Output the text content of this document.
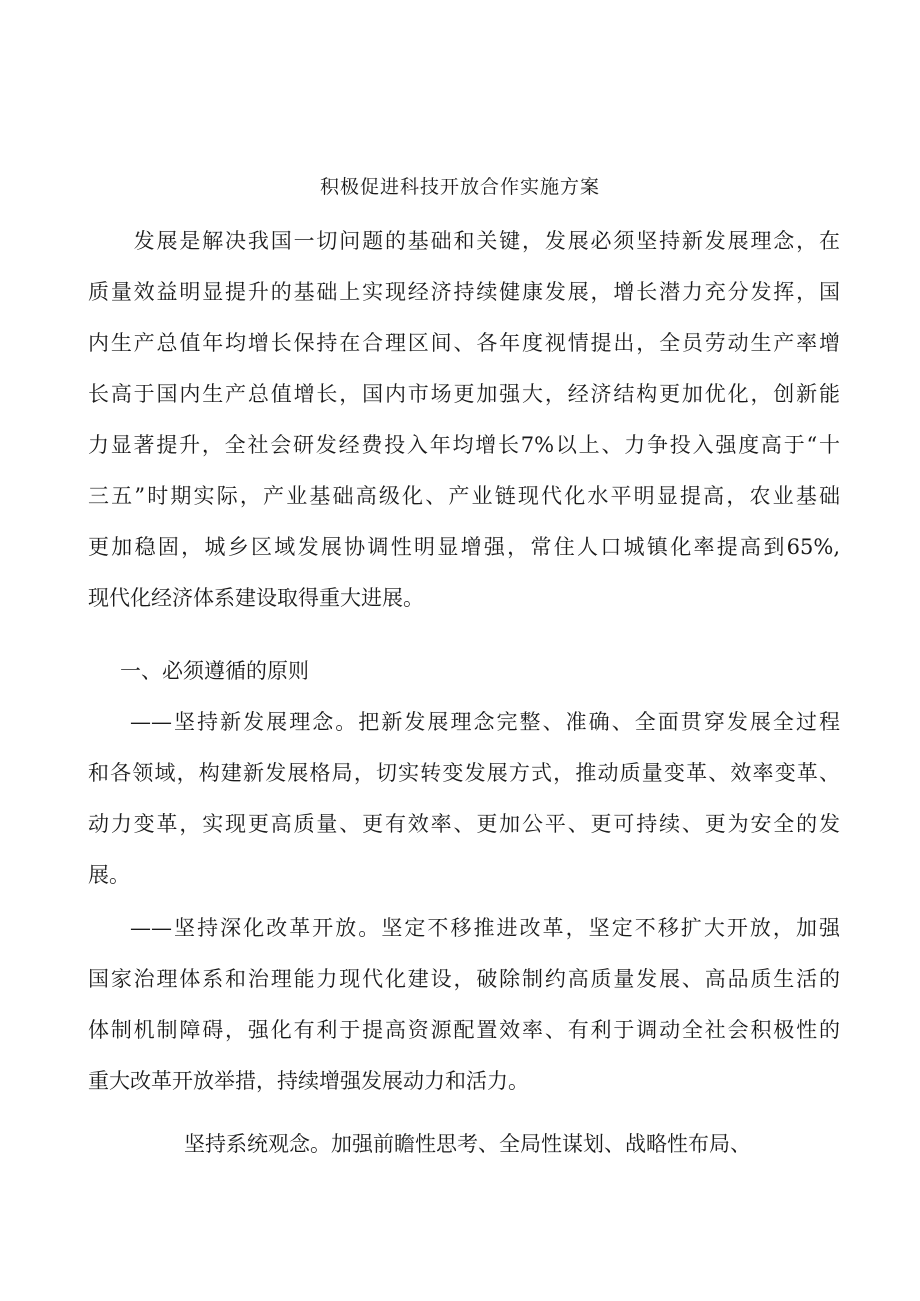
积极促进科技开放合作实施方案
　　发展是解决我国一切问题的基础和关键，发展必须坚持新发展理念，在
质量效益明显提升的基础上实现经济持续健康发展，增长潜力充分发挥，国
内生产总值年均增长保持在合理区间、各年度视情提出，全员劳动生产率增
长高于国内生产总值增长，国内市场更加强大，经济结构更加优化，创新能
力显著提升，全社会研发经费投入年均增长7%以上、力争投入强度高于“十
三五”时期实际，产业基础高级化、产业链现代化水平明显提高，农业基础
更加稳固，城乡区域发展协调性明显增强，常住人口城镇化率提高到65%,
现代化经济体系建设取得重大进展。
一、必须遵循的原则
——坚持新发展理念。把新发展理念完整、准确、全面贯穿发展全过程
和各领域，构建新发展格局，切实转变发展方式，推动质量变革、效率变革、
动力变革，实现更高质量、更有效率、更加公平、更可持续、更为安全的发
展。
——坚持深化改革开放。坚定不移推进改革，坚定不移扩大开放，加强
国家治理体系和治理能力现代化建设，破除制约高质量发展、高品质生活的
体制机制障碍，强化有利于提高资源配置效率、有利于调动全社会积极性的
重大改革开放举措，持续增强发展动力和活力。
坚持系统观念。加强前瞻性思考、全局性谋划、战略性布局、
